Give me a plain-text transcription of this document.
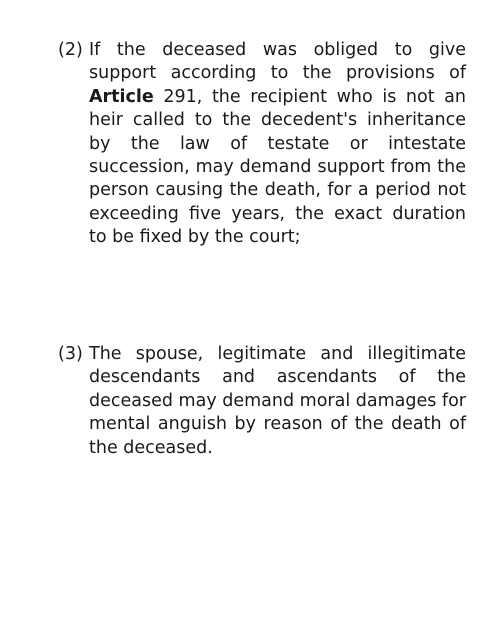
(2) If the deceased was obliged to give support according to the provisions of Article 291, the recipient who is not an heir called to the decedent's inheritance by the law of testate or intestate succession, may demand support from the person causing the death, for a period not exceeding five years, the exact duration to be fixed by the court;
(3) The spouse, legitimate and illegitimate descendants and ascendants of the deceased may demand moral damages for mental anguish by reason of the death of the deceased.
